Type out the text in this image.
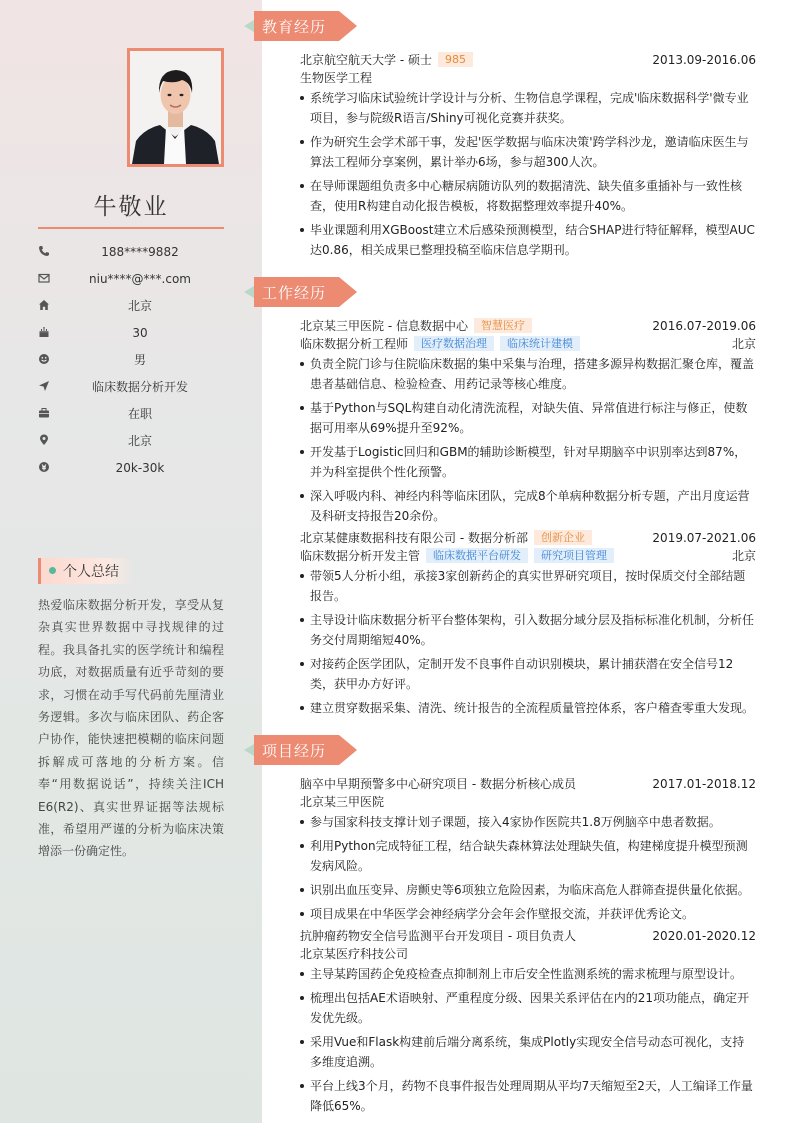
牛敬业
188****9882
niu****@***.com
北京
30
男
临床数据分析开发
在职
北京
20k-30k
个人总结
热爱临床数据分析开发，享受从复杂真实世界数据中寻找规律的过程。我具备扎实的医学统计和编程功底，对数据质量有近乎苛刻的要求，习惯在动手写代码前先厘清业务逻辑。多次与临床团队、药企客户协作，能快速把模糊的临床问题拆解成可落地的分析方案。信奉“用数据说话”，持续关注ICH E6(R2)、真实世界证据等法规标准，希望用严谨的分析为临床决策增添一份确定性。
教育经历
北京航空航天大学 - 硕士 985	2013.09-2016.06
生物医学工程
系统学习临床试验统计学设计与分析、生物信息学课程，完成'临床数据科学'微专业项目，参与院级R语言/Shiny可视化竞赛并获奖。
作为研究生会学术部干事，发起'医学数据与临床决策'跨学科沙龙，邀请临床医生与算法工程师分享案例，累计举办6场，参与超300人次。
在导师课题组负责多中心糖尿病随访队列的数据清洗、缺失值多重插补与一致性核查，使用R构建自动化报告模板，将数据整理效率提升40%。
毕业课题利用XGBoost建立术后感染预测模型，结合SHAP进行特征解释，模型AUC达0.86，相关成果已整理投稿至临床信息学期刊。
工作经历
北京某三甲医院 - 信息数据中心 智慧医疗	2016.07-2019.06
临床数据分析工程师 医疗数据治理 临床统计建模	北京
负责全院门诊与住院临床数据的集中采集与治理，搭建多源异构数据汇聚仓库，覆盖患者基础信息、检验检查、用药记录等核心维度。
基于Python与SQL构建自动化清洗流程，对缺失值、异常值进行标注与修正，使数据可用率从69%提升至92%。
开发基于Logistic回归和GBM的辅助诊断模型，针对早期脑卒中识别率达到87%，并为科室提供个性化预警。
深入呼吸内科、神经内科等临床团队，完成8个单病种数据分析专题，产出月度运营及科研支持报告20余份。
北京某健康数据科技有限公司 - 数据分析部 创新企业	2019.07-2021.06
临床数据分析开发主管 临床数据平台研发 研究项目管理	北京
带领5人分析小组，承接3家创新药企的真实世界研究项目，按时保质交付全部结题报告。
主导设计临床数据分析平台整体架构，引入数据分域分层及指标标准化机制，分析任务交付周期缩短40%。
对接药企医学团队，定制开发不良事件自动识别模块，累计捕获潜在安全信号12类，获甲办方好评。
建立贯穿数据采集、清洗、统计报告的全流程质量管控体系，客户稽查零重大发现。
项目经历
脑卒中早期预警多中心研究项目 - 数据分析核心成员	2017.01-2018.12
北京某三甲医院
参与国家科技支撑计划子课题，接入4家协作医院共1.8万例脑卒中患者数据。
利用Python完成特征工程，结合缺失森林算法处理缺失值，构建梯度提升模型预测发病风险。
识别出血压变异、房颤史等6项独立危险因素，为临床高危人群筛查提供量化依据。
项目成果在中华医学会神经病学分会年会作壁报交流，并获评优秀论文。
抗肿瘤药物安全信号监测平台开发项目 - 项目负责人	2020.01-2020.12
北京某医疗科技公司
主导某跨国药企免疫检查点抑制剂上市后安全性监测系统的需求梳理与原型设计。
梳理出包括AE术语映射、严重程度分级、因果关系评估在内的21项功能点，确定开发优先级。
采用Vue和Flask构建前后端分离系统，集成Plotly实现安全信号动态可视化，支持多维度追溯。
平台上线3个月，药物不良事件报告处理周期从平均7天缩短至2天，人工编译工作量降低65%。
